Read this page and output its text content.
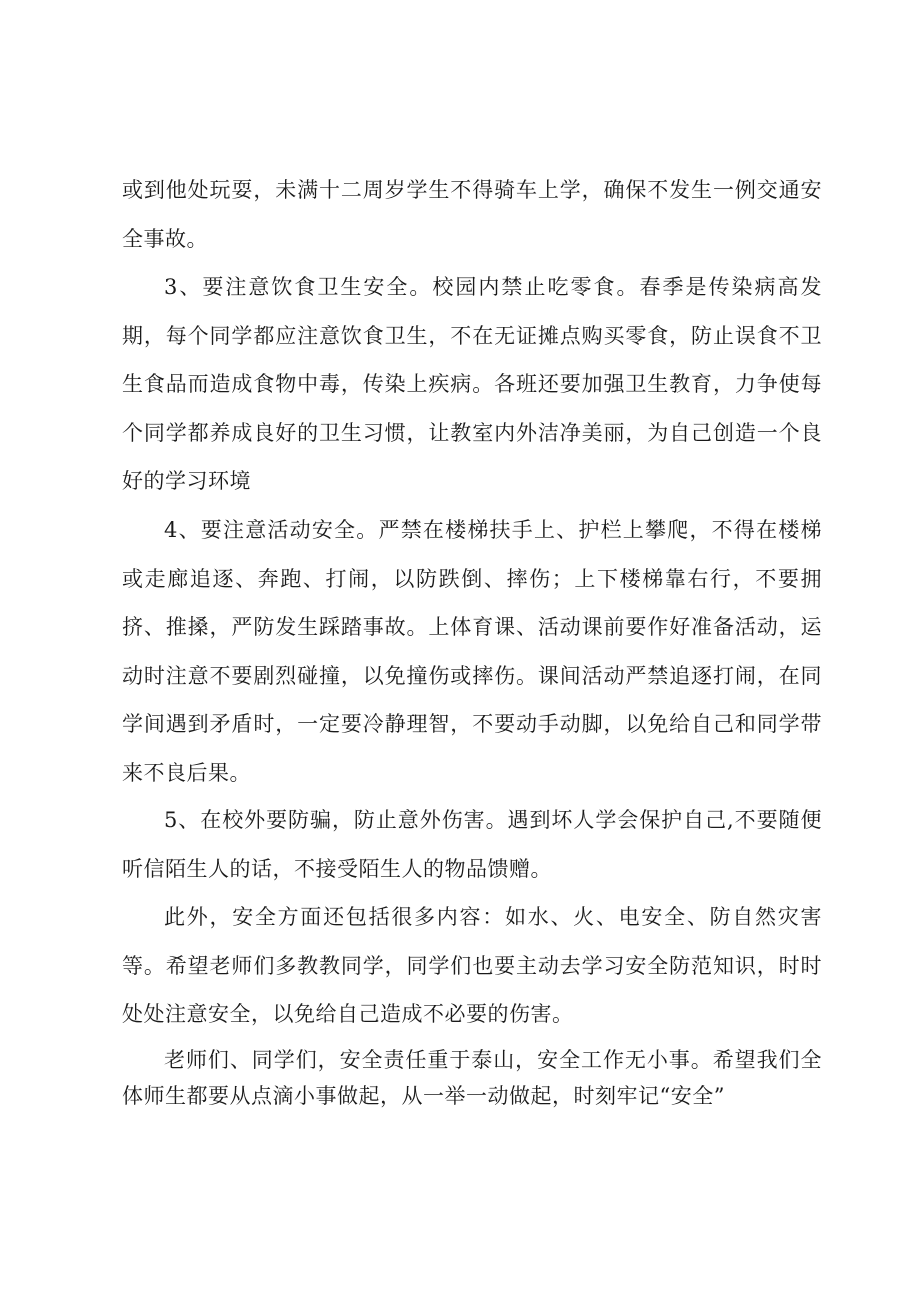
或到他处玩耍，未满十二周岁学生不得骑车上学，确保不发生一例交通安全事故。

3、要注意饮食卫生安全。校园内禁止吃零食。春季是传染病高发期，每个同学都应注意饮食卫生，不在无证摊点购买零食，防止误食不卫生食品而造成食物中毒，传染上疾病。各班还要加强卫生教育，力争使每个同学都养成良好的卫生习惯，让教室内外洁净美丽，为自己创造一个良好的学习环境

4、要注意活动安全。严禁在楼梯扶手上、护栏上攀爬，不得在楼梯或走廊追逐、奔跑、打闹，以防跌倒、摔伤；上下楼梯靠右行，不要拥挤、推搡，严防发生踩踏事故。上体育课、活动课前要作好准备活动，运动时注意不要剧烈碰撞，以免撞伤或摔伤。课间活动严禁追逐打闹，在同学间遇到矛盾时，一定要冷静理智，不要动手动脚，以免给自己和同学带来不良后果。

5、在校外要防骗，防止意外伤害。遇到坏人学会保护自己,不要随便听信陌生人的话，不接受陌生人的物品馈赠。

此外，安全方面还包括很多内容：如水、火、电安全、防自然灾害等。希望老师们多教教同学，同学们也要主动去学习安全防范知识，时时处处注意安全，以免给自己造成不必要的伤害。

老师们、同学们，安全责任重于泰山，安全工作无小事。希望我们全体师生都要从点滴小事做起，从一举一动做起，时刻牢记“安全”
